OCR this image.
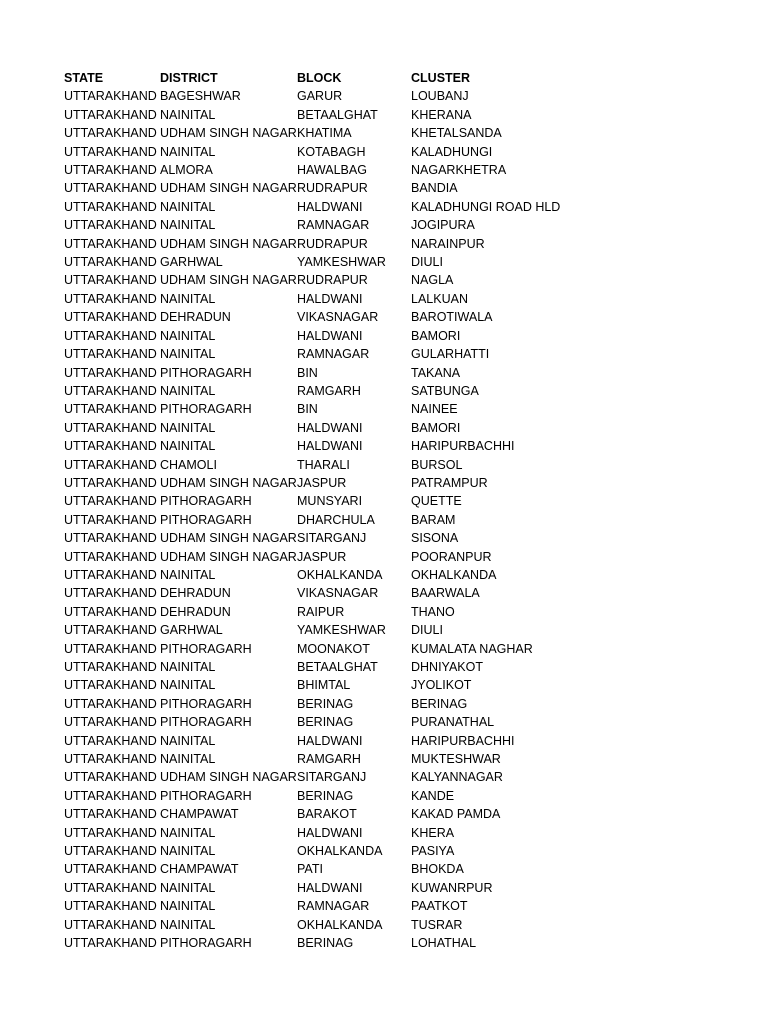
STATE	DISTRICT	BLOCK	CLUSTER
UTTARAKHAND	BAGESHWAR	GARUR	LOUBANJ
UTTARAKHAND	NAINITAL	BETAALGHAT	KHERANA
UTTARAKHAND	UDHAM SINGH NAGAR	KHATIMA	KHETALSANDA
UTTARAKHAND	NAINITAL	KOTABAGH	KALADHUNGI
UTTARAKHAND	ALMORA	HAWALBAG	NAGARKHETRA
UTTARAKHAND	UDHAM SINGH NAGAR	RUDRAPUR	BANDIA
UTTARAKHAND	NAINITAL	HALDWANI	KALADHUNGI ROAD HLD
UTTARAKHAND	NAINITAL	RAMNAGAR	JOGIPURA
UTTARAKHAND	UDHAM SINGH NAGAR	RUDRAPUR	NARAINPUR
UTTARAKHAND	GARHWAL	YAMKESHWAR	DIULI
UTTARAKHAND	UDHAM SINGH NAGAR	RUDRAPUR	NAGLA
UTTARAKHAND	NAINITAL	HALDWANI	LALKUAN
UTTARAKHAND	DEHRADUN	VIKASNAGAR	BAROTIWALA
UTTARAKHAND	NAINITAL	HALDWANI	BAMORI
UTTARAKHAND	NAINITAL	RAMNAGAR	GULARHATTI
UTTARAKHAND	PITHORAGARH	BIN	TAKANA
UTTARAKHAND	NAINITAL	RAMGARH	SATBUNGA
UTTARAKHAND	PITHORAGARH	BIN	NAINEE
UTTARAKHAND	NAINITAL	HALDWANI	BAMORI
UTTARAKHAND	NAINITAL	HALDWANI	HARIPURBACHHI
UTTARAKHAND	CHAMOLI	THARALI	BURSOL
UTTARAKHAND	UDHAM SINGH NAGAR	JASPUR	PATRAMPUR
UTTARAKHAND	PITHORAGARH	MUNSYARI	QUETTE
UTTARAKHAND	PITHORAGARH	DHARCHULA	BARAM
UTTARAKHAND	UDHAM SINGH NAGAR	SITARGANJ	SISONA
UTTARAKHAND	UDHAM SINGH NAGAR	JASPUR	POORANPUR
UTTARAKHAND	NAINITAL	OKHALKANDA	OKHALKANDA
UTTARAKHAND	DEHRADUN	VIKASNAGAR	BAARWALA
UTTARAKHAND	DEHRADUN	RAIPUR	THANO
UTTARAKHAND	GARHWAL	YAMKESHWAR	DIULI
UTTARAKHAND	PITHORAGARH	MOONAKOT	KUMALATA NAGHAR
UTTARAKHAND	NAINITAL	BETAALGHAT	DHNIYAKOT
UTTARAKHAND	NAINITAL	BHIMTAL	JYOLIKOT
UTTARAKHAND	PITHORAGARH	BERINAG	BERINAG
UTTARAKHAND	PITHORAGARH	BERINAG	PURANATHAL
UTTARAKHAND	NAINITAL	HALDWANI	HARIPURBACHHI
UTTARAKHAND	NAINITAL	RAMGARH	MUKTESHWAR
UTTARAKHAND	UDHAM SINGH NAGAR	SITARGANJ	KALYANNAGAR
UTTARAKHAND	PITHORAGARH	BERINAG	KANDE
UTTARAKHAND	CHAMPAWAT	BARAKOT	KAKAD PAMDA
UTTARAKHAND	NAINITAL	HALDWANI	KHERA
UTTARAKHAND	NAINITAL	OKHALKANDA	PASIYA
UTTARAKHAND	CHAMPAWAT	PATI	BHOKDA
UTTARAKHAND	NAINITAL	HALDWANI	KUWANRPUR
UTTARAKHAND	NAINITAL	RAMNAGAR	PAATKOT
UTTARAKHAND	NAINITAL	OKHALKANDA	TUSRAR
UTTARAKHAND	PITHORAGARH	BERINAG	LOHATHAL
